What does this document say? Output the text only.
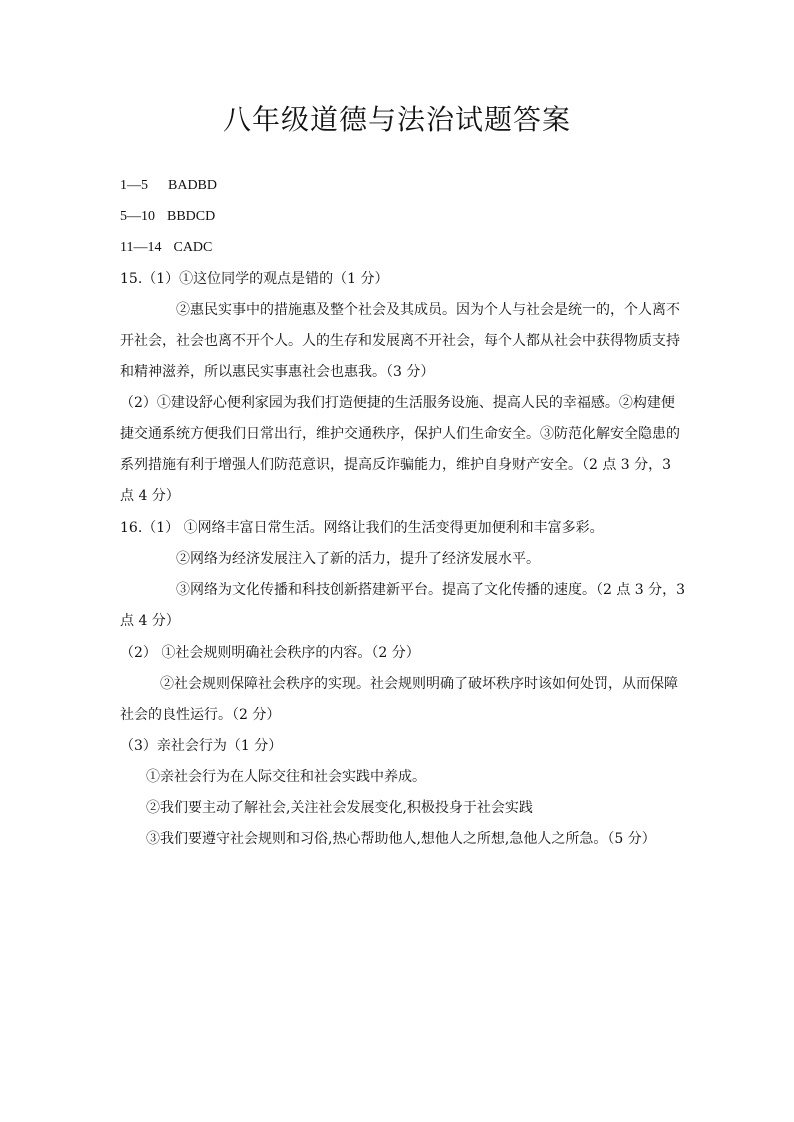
八年级道德与法治试题答案
1—5 BADBD
5—10 BBDCD
11—14 CADC
15.（1）①这位同学的观点是错的（1 分）
②惠民实事中的措施惠及整个社会及其成员。因为个人与社会是统一的，个人离不
开社会，社会也离不开个人。人的生存和发展离不开社会，每个人都从社会中获得物质支持
和精神滋养，所以惠民实事惠社会也惠我。（3 分）
（2）①建设舒心便利家园为我们打造便捷的生活服务设施、提高人民的幸福感。②构建便
捷交通系统方便我们日常出行，维护交通秩序，保护人们生命安全。③防范化解安全隐患的
系列措施有利于增强人们防范意识，提高反诈骗能力，维护自身财产安全。（2 点 3 分，3
点 4 分）
16.（1） ①网络丰富日常生活。网络让我们的生活变得更加便利和丰富多彩。
②网络为经济发展注入了新的活力，提升了经济发展水平。
③网络为文化传播和科技创新搭建新平台。提高了文化传播的速度。（2 点 3 分，3
点 4 分）
（2） ①社会规则明确社会秩序的内容。（2 分）
②社会规则保障社会秩序的实现。社会规则明确了破坏秩序时该如何处罚，从而保障
社会的良性运行。（2 分）
（3）亲社会行为（1 分）
①亲社会行为在人际交往和社会实践中养成。
②我们要主动了解社会,关注社会发展变化,积极投身于社会实践
③我们要遵守社会规则和习俗,热心帮助他人,想他人之所想,急他人之所急。（5 分）
